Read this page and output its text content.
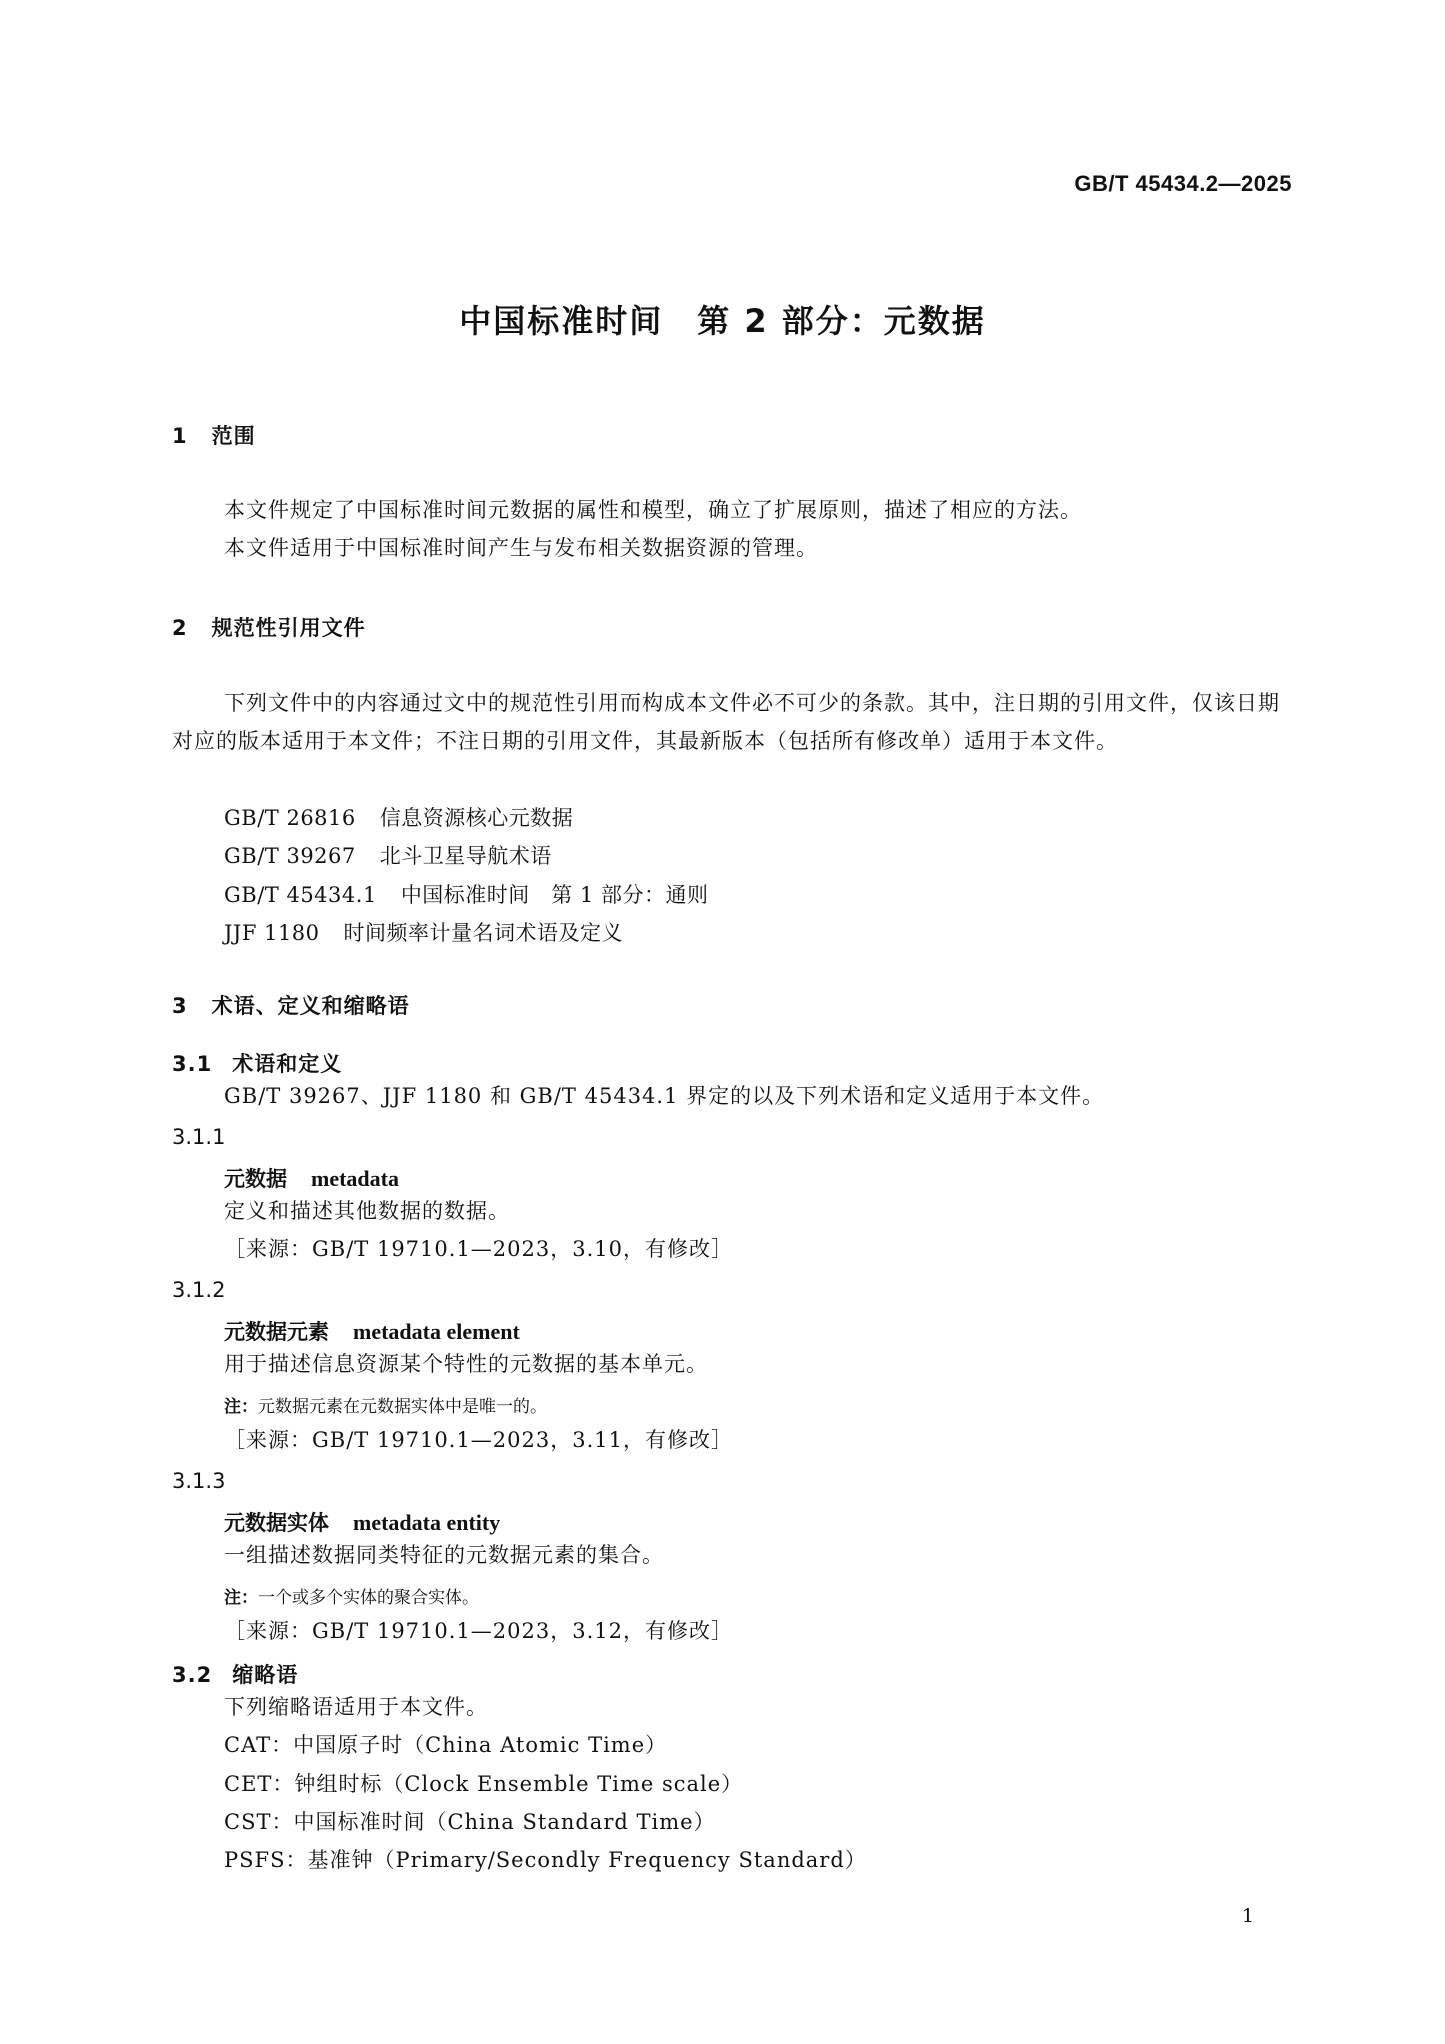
GB/T 45434.2—2025
中国标准时间　第 2 部分：元数据
1 范围
本文件规定了中国标准时间元数据的属性和模型，确立了扩展原则，描述了相应的方法。
本文件适用于中国标准时间产生与发布相关数据资源的管理。
2 规范性引用文件
下列文件中的内容通过文中的规范性引用而构成本文件必不可少的条款。其中，注日期的引用文件，仅该日期对应的版本适用于本文件；不注日期的引用文件，其最新版本（包括所有修改单）适用于本文件。
GB/T 26816 信息资源核心元数据
GB/T 39267 北斗卫星导航术语
GB/T 45434.1 中国标准时间　第 1 部分：通则
JJF 1180 时间频率计量名词术语及定义
3 术语、定义和缩略语
3.1 术语和定义
GB/T 39267、JJF 1180 和 GB/T 45434.1 界定的以及下列术语和定义适用于本文件。
3.1.1
元数据 metadata
定义和描述其他数据的数据。
［来源：GB/T 19710.1—2023，3.10，有修改］
3.1.2
元数据元素 metadata element
用于描述信息资源某个特性的元数据的基本单元。
注：元数据元素在元数据实体中是唯一的。
［来源：GB/T 19710.1—2023，3.11，有修改］
3.1.3
元数据实体 metadata entity
一组描述数据同类特征的元数据元素的集合。
注：一个或多个实体的聚合实体。
［来源：GB/T 19710.1—2023，3.12，有修改］
3.2 缩略语
下列缩略语适用于本文件。
CAT：中国原子时（China Atomic Time）
CET：钟组时标（Clock Ensemble Time scale）
CST：中国标准时间（China Standard Time）
PSFS：基准钟（Primary/Secondly Frequency Standard）
1
